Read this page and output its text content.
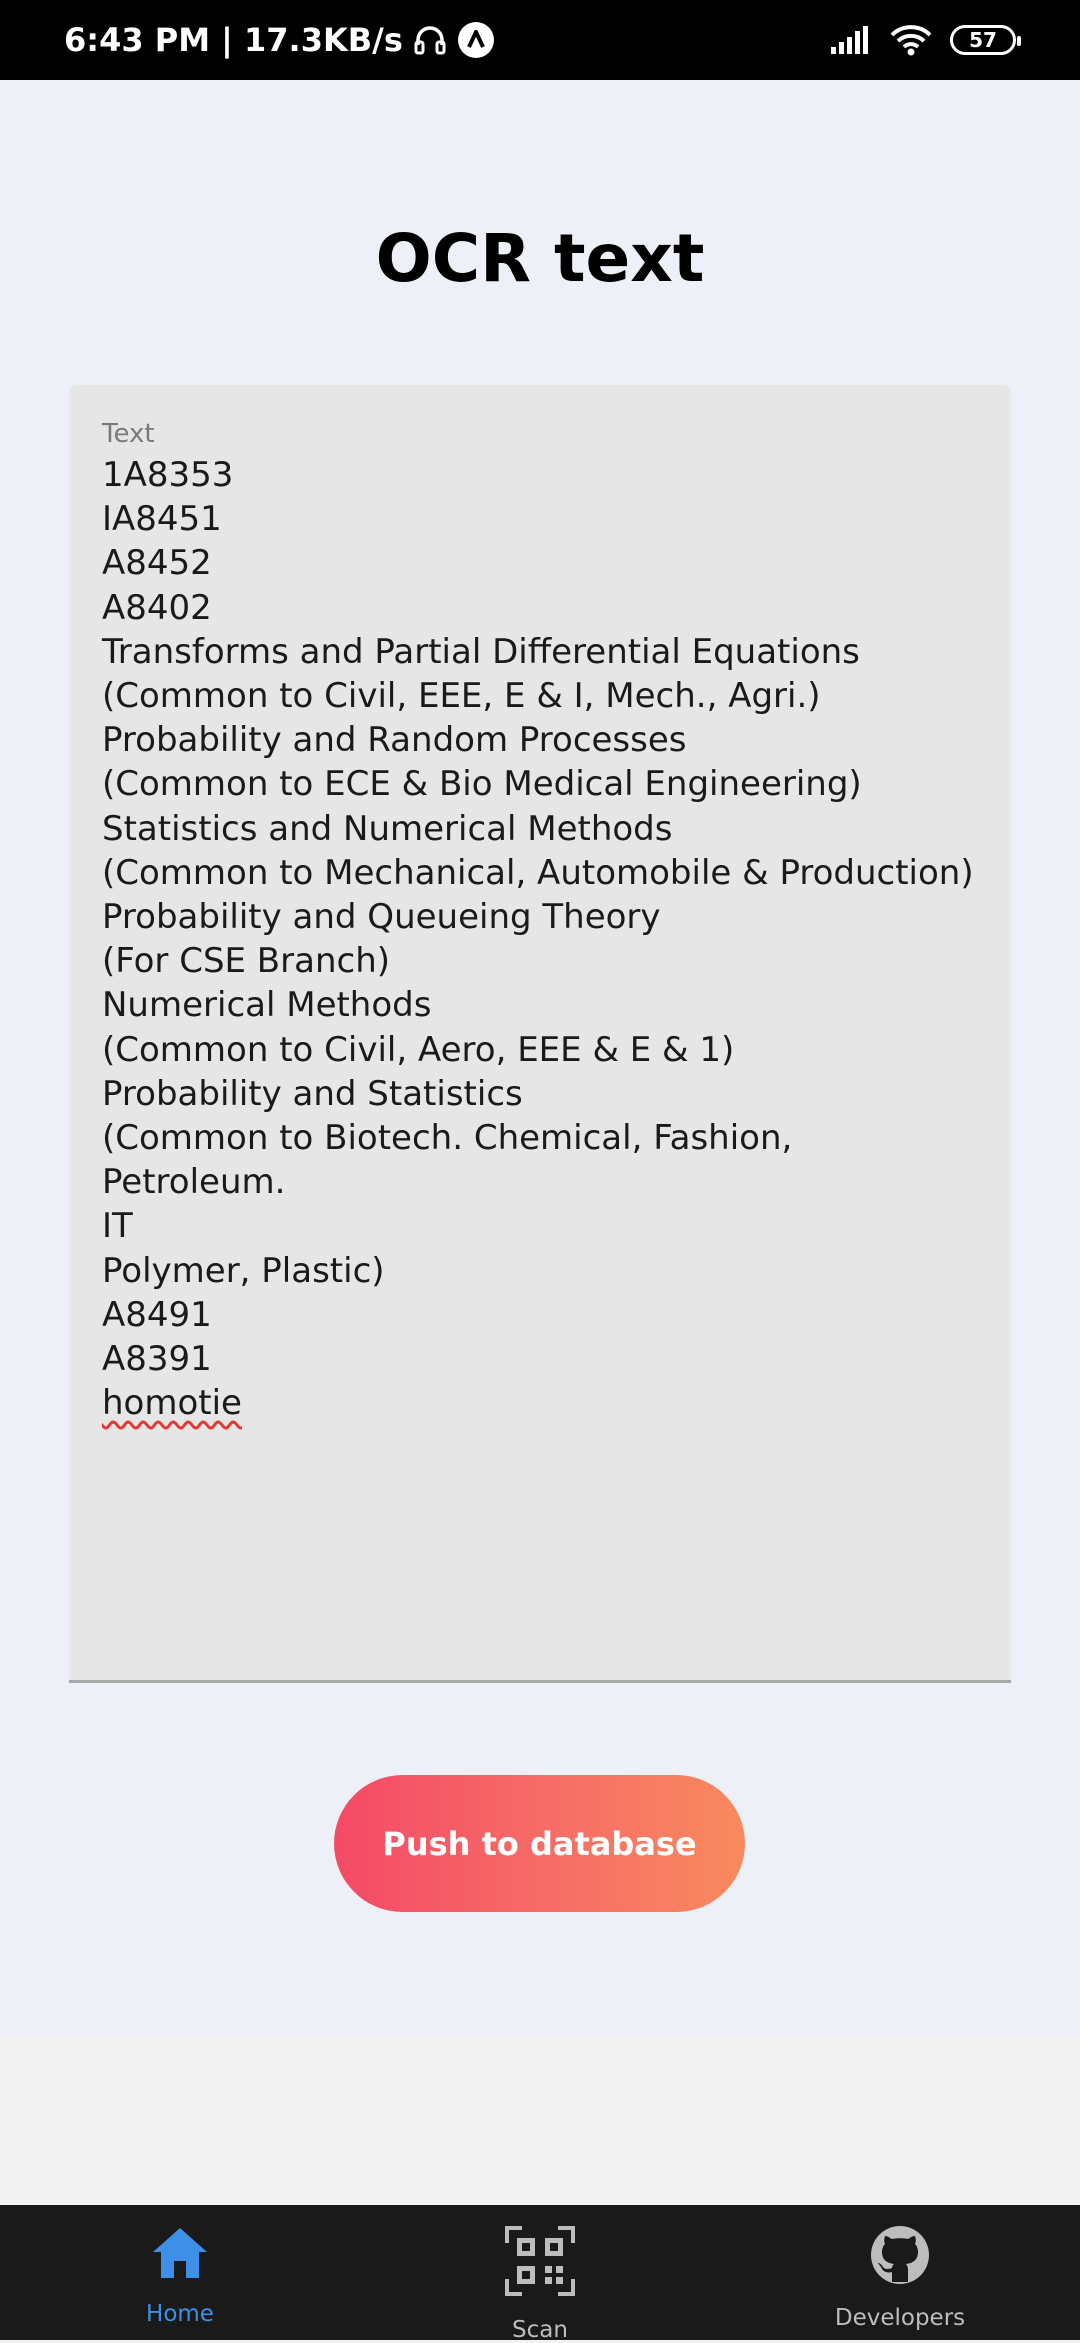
6:43 PM | 17.3KB/s	57
OCR text
Text
1A8353
IA8451
A8452
A8402
Transforms and Partial Differential Equations
(Common to Civil, EEE, E & I, Mech., Agri.)
Probability and Random Processes
(Common to ECE & Bio Medical Engineering)
Statistics and Numerical Methods
(Common to Mechanical, Automobile & Production)
Probability and Queueing Theory
(For CSE Branch)
Numerical Methods
(Common to Civil, Aero, EEE & E & 1)
Probability and Statistics
(Common to Biotech. Chemical, Fashion, Petroleum.
IT
Polymer, Plastic)
A8491
A8391
homotie
Push to database
Home
Scan	Developers
